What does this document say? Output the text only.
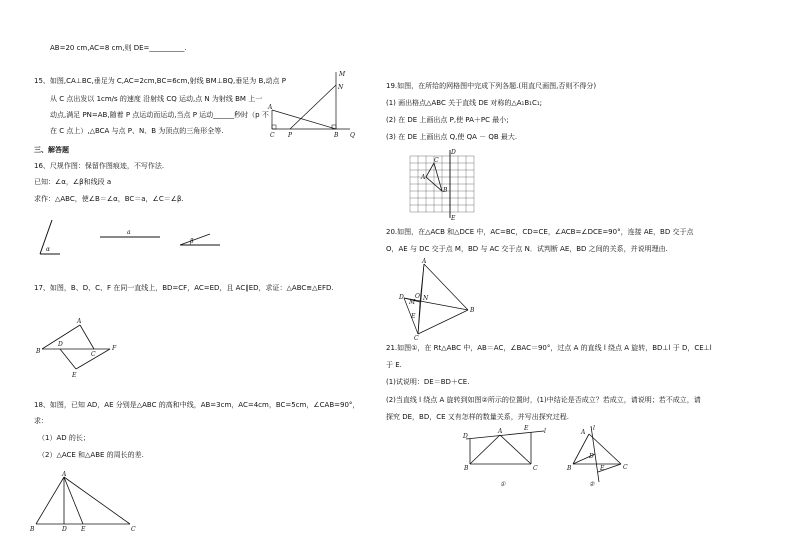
AB=20 cm,AC=8 cm,则 DE=__________.
15、如图,CA⊥BC,垂足为 C,AC=2cm,BC=6cm,射线 BM⊥BQ,垂足为 B,动点 P
从 C 点出发以 1cm/s 的速度 沿射线 CQ 运动,点 N 为射线 BM 上一
动点,满足 PN=AB,随着 P 点运动而运动,当点 P 运动______秒时（p 不
在 C 点上）,△BCA 与点 P、N、B 为顶点的三角形全等.
M
N
A
C P	B Q
三、解答题
16、尺规作图：保留作图痕迹，不写作法.
已知：∠α，∠β和线段 a
求作：△ABC，使∠B＝∠α，BC＝a，∠C＝∠β.
α
a
β
17、如图，B、D、C、F 在同一直线上，BD=CF，AC=ED，且 AC∥ED，求证：△ABC≌△EFD.
A
B
D
C
F
E
18、如图，已知 AD，AE 分别是△ABC 的高和中线，AB=3cm，AC=4cm，BC=5cm，∠CAB=90°，
求：
（1）AD 的长；
（2）△ACE 和△ABE 的周长的差.
A
B	D E	C
19.如图，在所给的网格图中完成下列各题.(用直尺画图,否则不得分)
(1) 画出格点△ABC 关于直线 DE 对称的△A₁B₁C₁;
(2) 在 DE 上画出点 P,使 PA＋PC 最小;
(3) 在 DE 上画出点 Q,使 QA － QB 最大.
D
E
A
B
C
20.如图，在△ACB 和△DCE 中，AC=BC，CD=CE，∠ACB=∠DCE=90°，连接 AE，BD 交于点
O，AE 与 DC 交于点 M，BD 与 AC 交于点 N．试判断 AE，BD 之间的关系，并说明理由.
A
D
M
O N
E
C
B
21.如图①，在 Rt△ABC 中，AB＝AC，∠BAC＝90°，过点 A 的直线 l 绕点 A 旋转，BD⊥l 于 D，CE⊥l
于 E.
(1)试说明：DE＝BD＋CE.
(2)当直线 l 绕点 A 旋转到如图②所示的位置时，(1)中结论是否成立？若成立，请说明；若不成立，请
探究 DE，BD，CE 又有怎样的数量关系，并写出探究过程.
D
A	E	l
B	C
①
A
l
D
E
B	C
②
